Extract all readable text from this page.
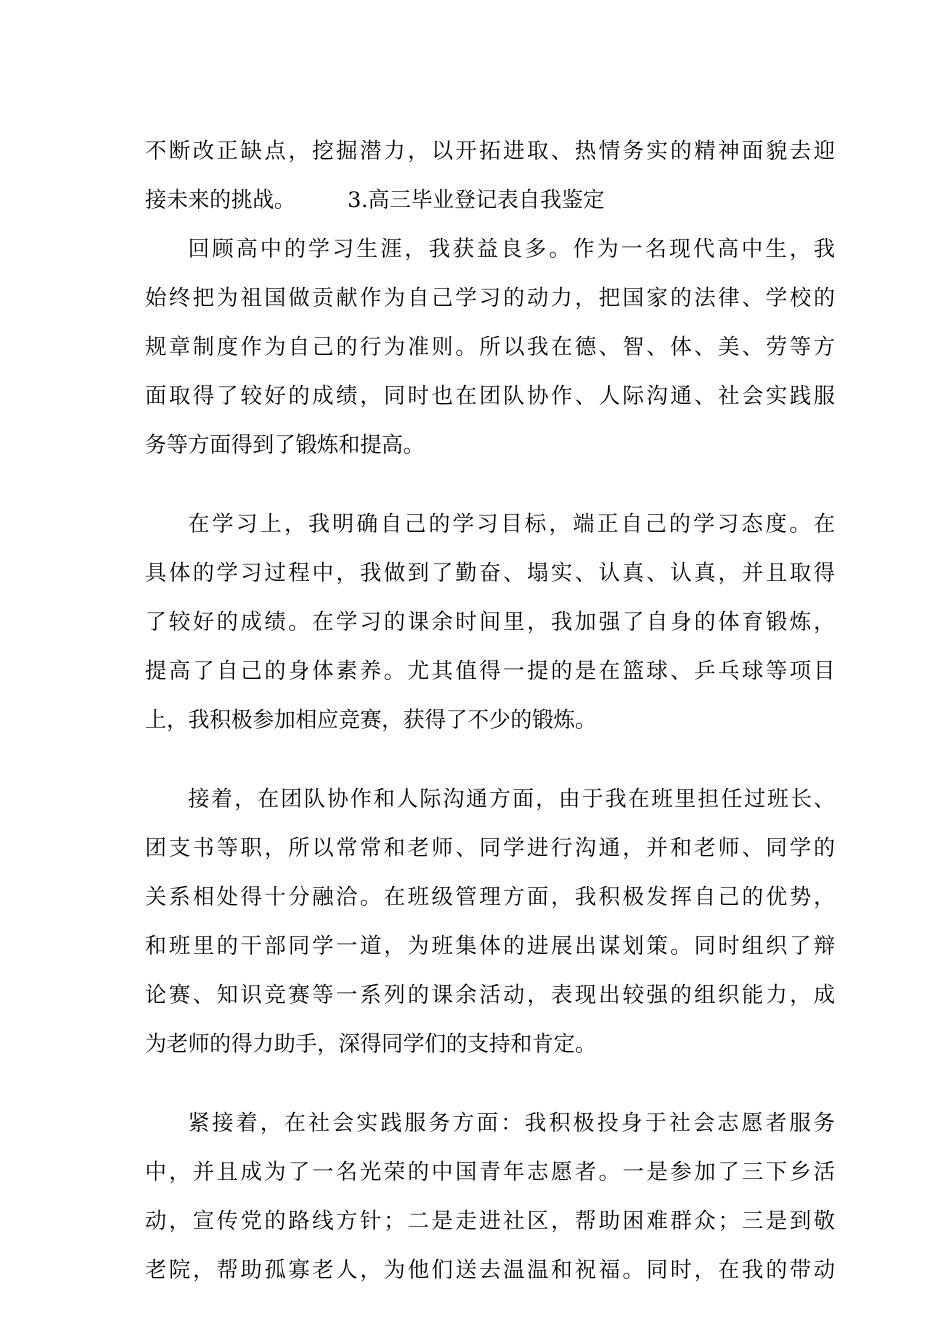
不断改正缺点，挖掘潜力，以开拓进取、热情务实的精神面貌去迎
接未来的挑战。 3.高三毕业登记表自我鉴定
回顾高中的学习生涯，我获益良多。作为一名现代高中生，我
始终把为祖国做贡献作为自己学习的动力，把国家的法律、学校的
规章制度作为自己的行为准则。所以我在德、智、体、美、劳等方
面取得了较好的成绩，同时也在团队协作、人际沟通、社会实践服
务等方面得到了锻炼和提高。
在学习上，我明确自己的学习目标，端正自己的学习态度。在
具体的学习过程中，我做到了勤奋、塌实、认真、认真，并且取得
了较好的成绩。在学习的课余时间里，我加强了自身的体育锻炼，
提高了自己的身体素养。尤其值得一提的是在篮球、乒乓球等项目
上，我积极参加相应竞赛，获得了不少的锻炼。
接着，在团队协作和人际沟通方面，由于我在班里担任过班长、
团支书等职，所以常常和老师、同学进行沟通，并和老师、同学的
关系相处得十分融洽。在班级管理方面，我积极发挥自己的优势，
和班里的干部同学一道，为班集体的进展出谋划策。同时组织了辩
论赛、知识竞赛等一系列的课余活动，表现出较强的组织能力，成
为老师的得力助手，深得同学们的支持和肯定。
紧接着，在社会实践服务方面：我积极投身于社会志愿者服务
中，并且成为了一名光荣的中国青年志愿者。一是参加了三下乡活
动，宣传党的路线方针；二是走进社区，帮助困难群众；三是到敬
老院，帮助孤寡老人，为他们送去温温和祝福。同时，在我的带动
